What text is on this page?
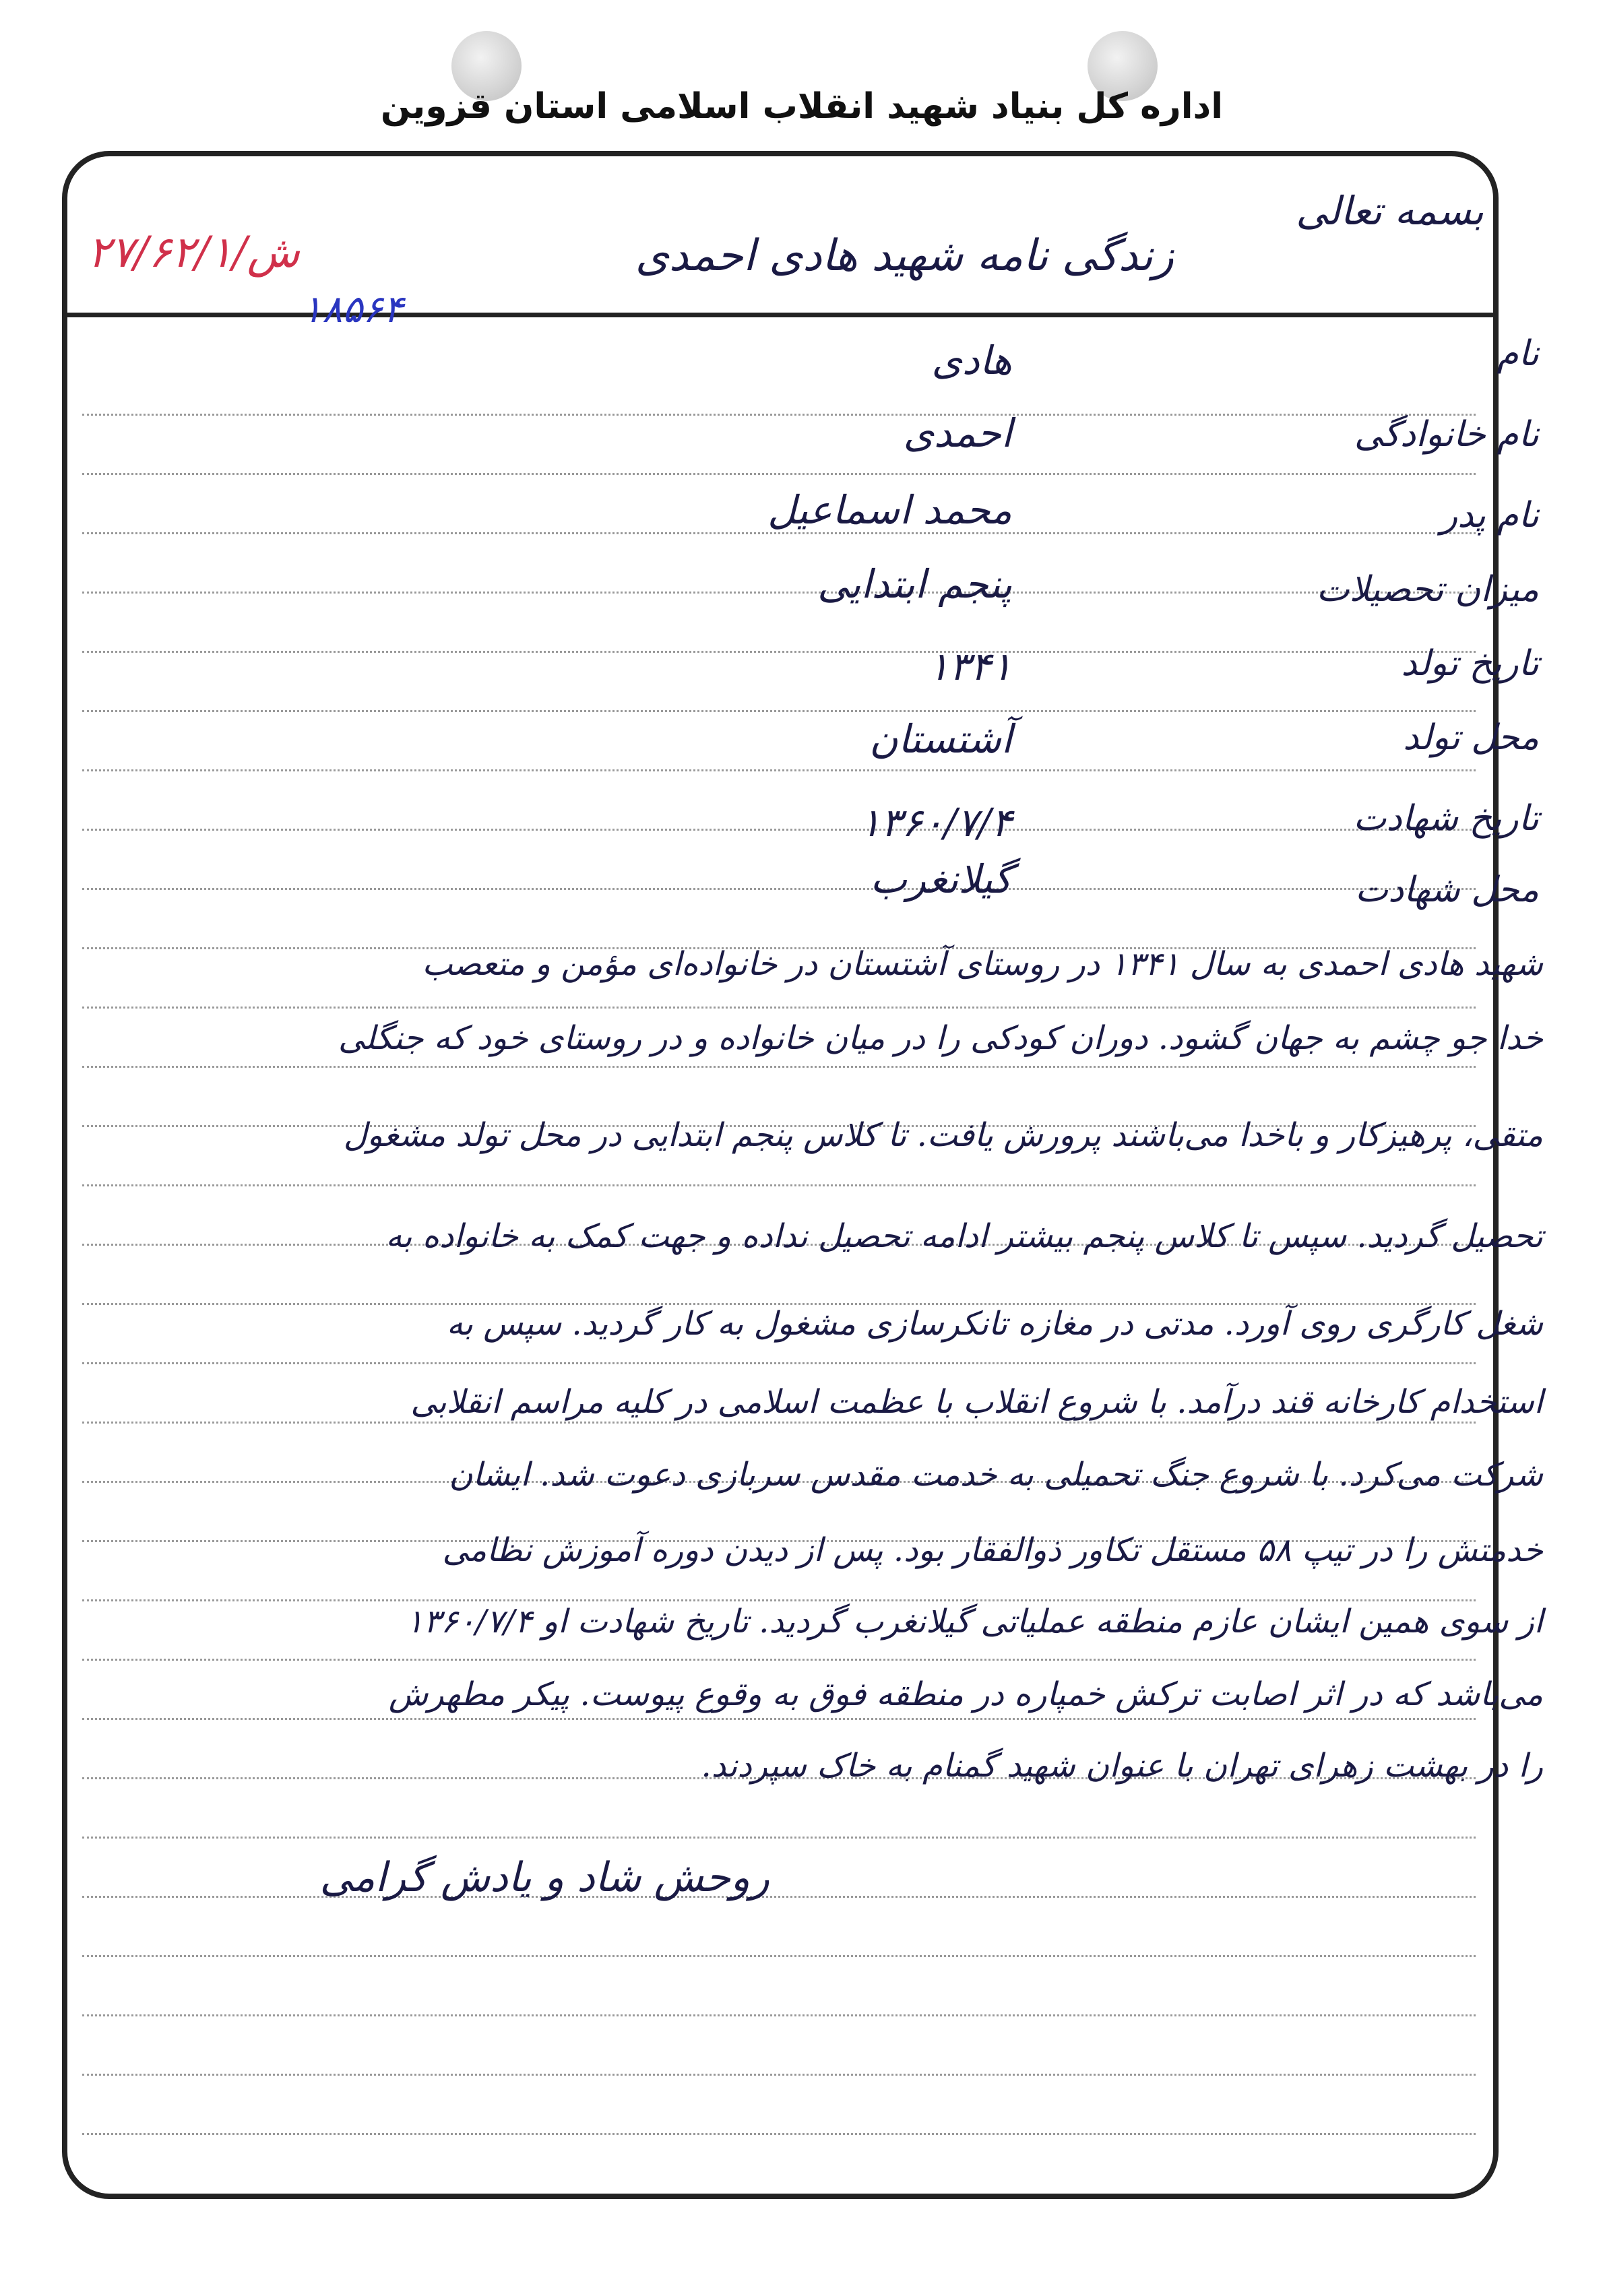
اداره کل بنیاد شهید انقلاب اسلامی استان قزوین

بسمه تعالی

زندگی نامه شهید هادی احمدی

۲۷/۶۲/۱/ش

۱۸۵۶۴

نام

هادی

نام خانوادگی

احمدی

نام پدر

محمد اسماعیل

میزان تحصیلات

پنجم ابتدایی

تاریخ تولد

۱۳۴۱

محل تولد

آشتستان

تاریخ شهادت

۱۳۶۰/۷/۴

محل شهادت

گیلانغرب

شهید هادی احمدی به سال ۱۳۴۱ در روستای آشتستان در خانواده‌ای مؤمن و متعصب

خدا جو چشم به جهان گشود. دوران کودکی را در میان خانواده و در روستای خود که جنگلی

متقی، پرهیزکار و باخدا می‌باشند پرورش یافت. تا کلاس پنجم ابتدایی در محل تولد مشغول

تحصیل گردید. سپس تا کلاس پنجم بیشتر ادامه تحصیل نداده و جهت کمک به خانواده به

شغل کارگری روی آورد. مدتی در مغازه تانکرسازی مشغول به کار گردید. سپس به

استخدام کارخانه قند درآمد. با شروع انقلاب با عظمت اسلامی در کلیه مراسم انقلابی

شرکت می‌کرد. با شروع جنگ تحمیلی به خدمت مقدس سربازی دعوت شد. ایشان

خدمتش را در تیپ ۵۸ مستقل تکاور ذوالفقار بود. پس از دیدن دوره آموزش نظامی

از سوی همین ایشان عازم منطقه عملیاتی گیلانغرب گردید. تاریخ شهادت او ۱۳۶۰/۷/۴

می‌باشد که در اثر اصابت ترکش خمپاره در منطقه فوق به وقوع پیوست. پیکر مطهرش

را در بهشت زهرای تهران با عنوان شهید گمنام به خاک سپردند.

روحش شاد و یادش گرامی
